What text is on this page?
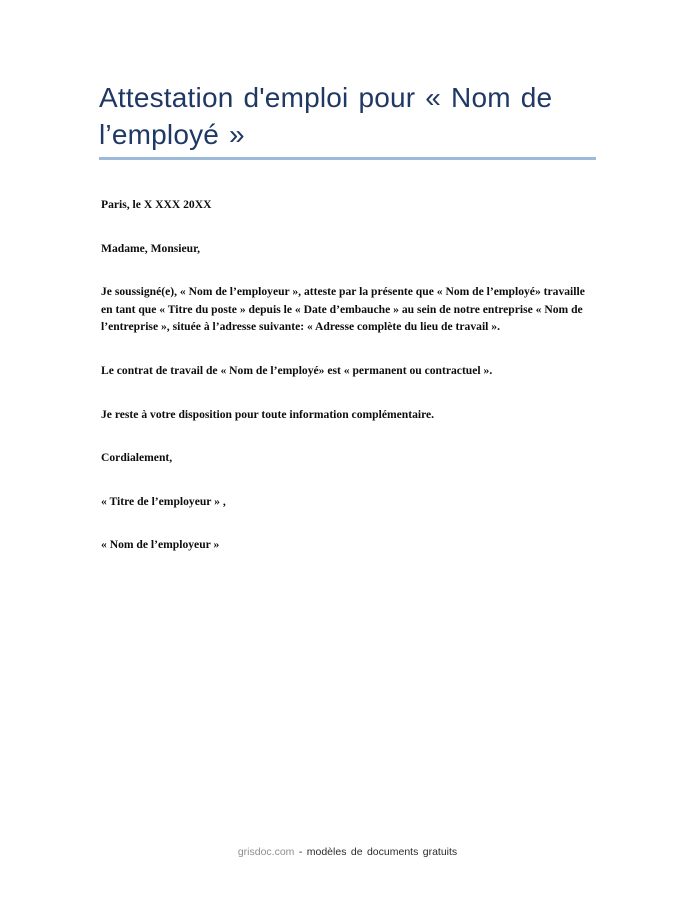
Attestation d'emploi pour « Nom de l’employé »

Paris, le X XXX 20XX

Madame, Monsieur,

Je soussigné(e), « Nom de l’employeur », atteste par la présente que « Nom de l’employé» travaille en tant que « Titre du poste » depuis le « Date d’embauche » au sein de notre entreprise « Nom de l’entreprise », située à l’adresse suivante: « Adresse complète du lieu de travail ».

Le contrat de travail de « Nom de l’employé» est « permanent ou contractuel ».

Je reste à votre disposition pour toute information complémentaire.

Cordialement,

« Titre de l’employeur » ,

« Nom de l’employeur »

grisdoc.com - modèles de documents gratuits
